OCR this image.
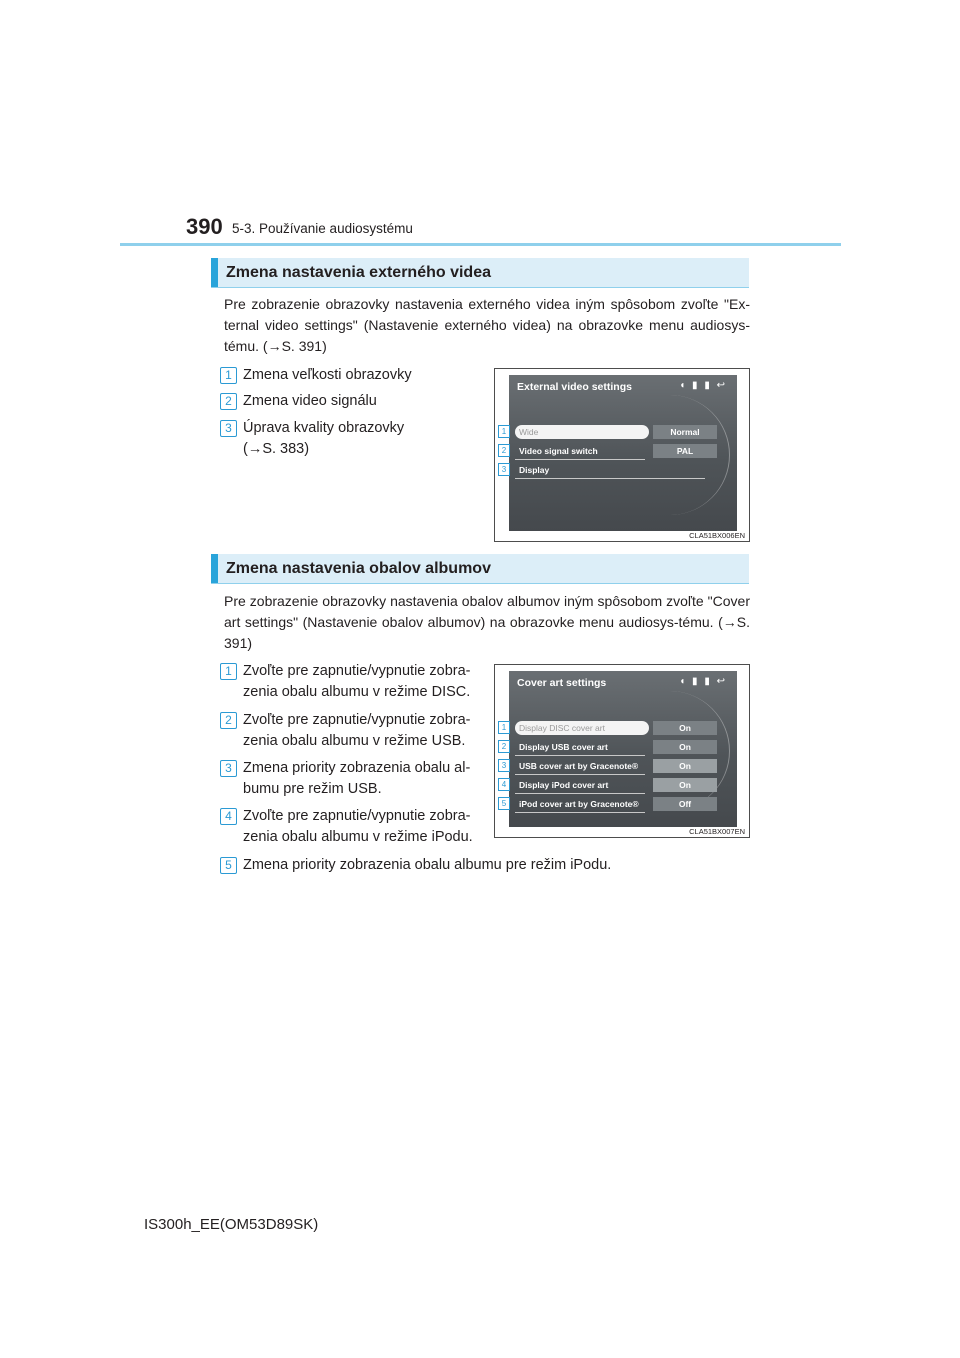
390 5-3. Používanie audiosystému
Zmena nastavenia externého videa
Pre zobrazenie obrazovky nastavenia externého videa iným spôsobom zvoľte "Ex-ternal video settings" (Nastavenie externého videa) na obrazovke menu audiosys-tému. (→S. 391)
1 Zmena veľkosti obrazovky
2 Zmena video signálu
3 Úprava kvality obrazovky
(→S. 383)
External video settings	◖ ▮ ▮ ↩
Wide	Normal
Video signal switch	PAL
Display
1
2
3
CLA51BX006EN
Zmena nastavenia obalov albumov
Pre zobrazenie obrazovky nastavenia obalov albumov iným spôsobom zvoľte "Cover art settings" (Nastavenie obalov albumov) na obrazovke menu audiosys-tému. (→S. 391)
1 Zvoľte pre zapnutie/vypnutie zobra-
zenia obalu albumu v režime DISC.
2 Zvoľte pre zapnutie/vypnutie zobra-
zenia obalu albumu v režime USB.
3 Zmena priority zobrazenia obalu al-
bumu pre režim USB.
4 Zvoľte pre zapnutie/vypnutie zobra-
zenia obalu albumu v režime iPodu.
5 Zmena priority zobrazenia obalu albumu pre režim iPodu.
Cover art settings	◖ ▮ ▮ ↩
Display DISC cover art	On
Display USB cover art	On
USB cover art by Gracenote®	On
Display iPod cover art	On
iPod cover art by Gracenote®	Off
1
2
3
4
5
CLA51BX007EN
IS300h_EE(OM53D89SK)
